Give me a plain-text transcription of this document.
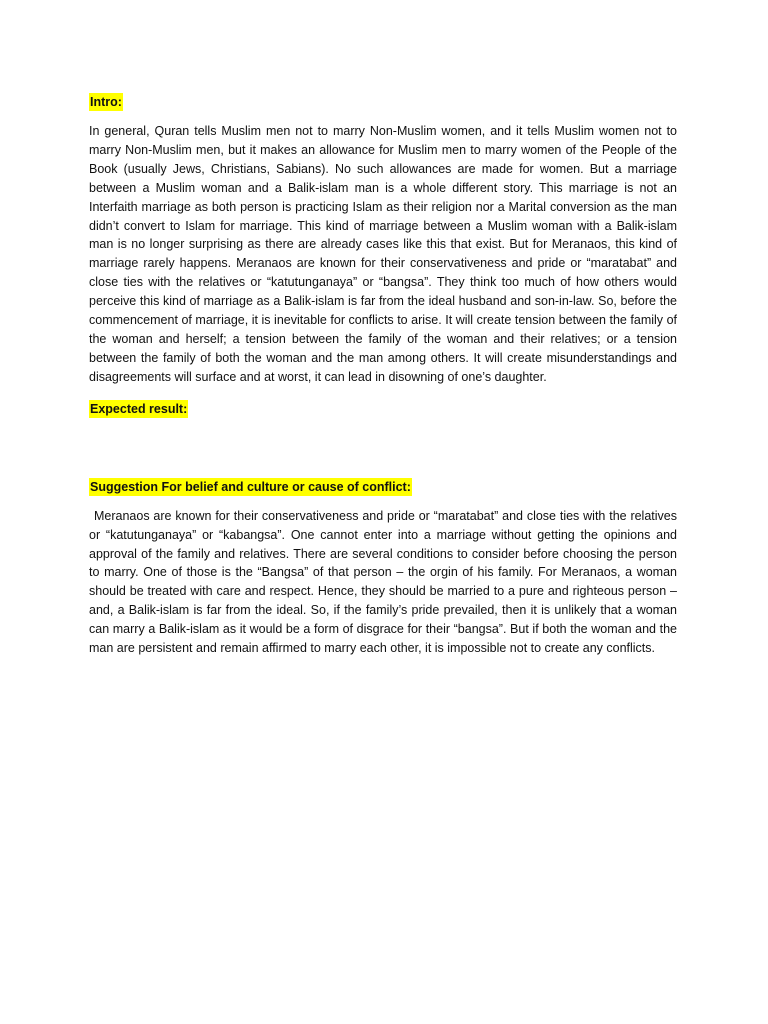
Intro:

In general, Quran tells Muslim men not to marry Non-Muslim women, and it tells Muslim women not to marry Non-Muslim men, but it makes an allowance for Muslim men to marry women of the People of the Book (usually Jews, Christians, Sabians). No such allowances are made for women. But a marriage between a Muslim woman and a Balik-islam man is a whole different story. This marriage is not an Interfaith marriage as both person is practicing Islam as their religion nor a Marital conversion as the man didn’t convert to Islam for marriage. This kind of marriage between a Muslim woman with a Balik-islam man is no longer surprising as there are already cases like this that exist. But for Meranaos, this kind of marriage rarely happens. Meranaos are known for their conservativeness and pride or “maratabat” and close ties with the relatives or “katutunganaya” or “bangsa”. They think too much of how others would perceive this kind of marriage as a Balik-islam is far from the ideal husband and son-in-law. So, before the commencement of marriage, it is inevitable for conflicts to arise. It will create tension between the family of the woman and herself; a tension between the family of the woman and their relatives; or a tension between the family of both the woman and the man among others. It will create misunderstandings and disagreements will surface and at worst, it can lead in disowning of one’s daughter.

Expected result:

Suggestion For belief and culture or cause of conflict:

Meranaos are known for their conservativeness and pride or “maratabat” and close ties with the relatives or “katutunganaya” or “kabangsa”. One cannot enter into a marriage without getting the opinions and approval of the family and relatives. There are several conditions to consider before choosing the person to marry. One of those is the “Bangsa” of that person – the orgin of his family. For Meranaos, a woman should be treated with care and respect. Hence, they should be married to a pure and righteous person – and, a Balik-islam is far from the ideal. So, if the family’s pride prevailed, then it is unlikely that a woman can marry a Balik-islam as it would be a form of disgrace for their “bangsa”. But if both the woman and the man are persistent and remain affirmed to marry each other, it is impossible not to create any conflicts.
